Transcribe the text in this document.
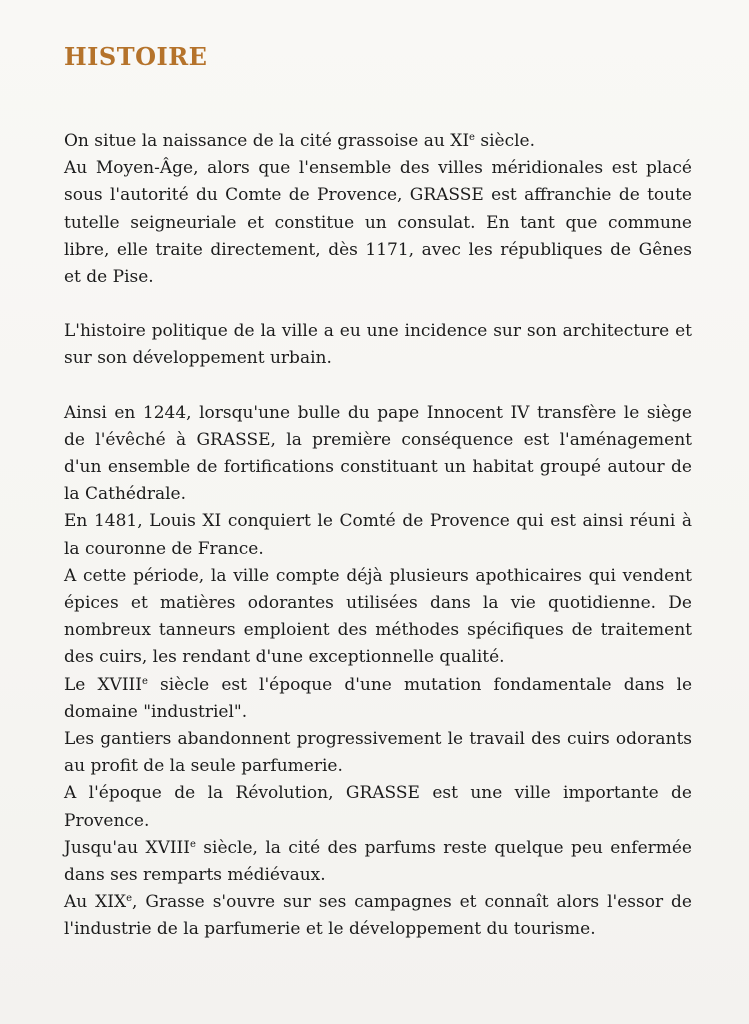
HISTOIRE

On situe la naissance de la cité grassoise au XIe siècle.

Au Moyen-Âge, alors que l'ensemble des villes méridionales est placé sous l'autorité du Comte de Provence, GRASSE est affranchie de toute tutelle seigneuriale et constitue un consulat. En tant que commune libre, elle traite directement, dès 1171, avec les républiques de Gênes et de Pise.

L'histoire politique de la ville a eu une incidence sur son architecture et sur son développement urbain.

Ainsi en 1244, lorsqu'une bulle du pape Innocent IV transfère le siège de l'évêché à GRASSE, la première conséquence est l'aménagement d'un ensemble de fortifications constituant un habitat groupé autour de la Cathédrale.

En 1481, Louis XI conquiert le Comté de Provence qui est ainsi réuni à la couronne de France.

A cette période, la ville compte déjà plusieurs apothicaires qui vendent épices et matières odorantes utilisées dans la vie quotidienne. De nombreux tanneurs emploient des méthodes spécifiques de traitement des cuirs, les rendant d'une exceptionnelle qualité.

Le XVIIIe siècle est l'époque d'une mutation fondamentale dans le domaine "industriel".

Les gantiers abandonnent progressivement le travail des cuirs odorants au profit de la seule parfumerie.

A l'époque de la Révolution, GRASSE est une ville importante de Provence.

Jusqu'au XVIIIe siècle, la cité des parfums reste quelque peu enfermée dans ses remparts médiévaux.

Au XIXe, Grasse s'ouvre sur ses campagnes et connaît alors l'essor de l'industrie de la parfumerie et le développement du tourisme.
